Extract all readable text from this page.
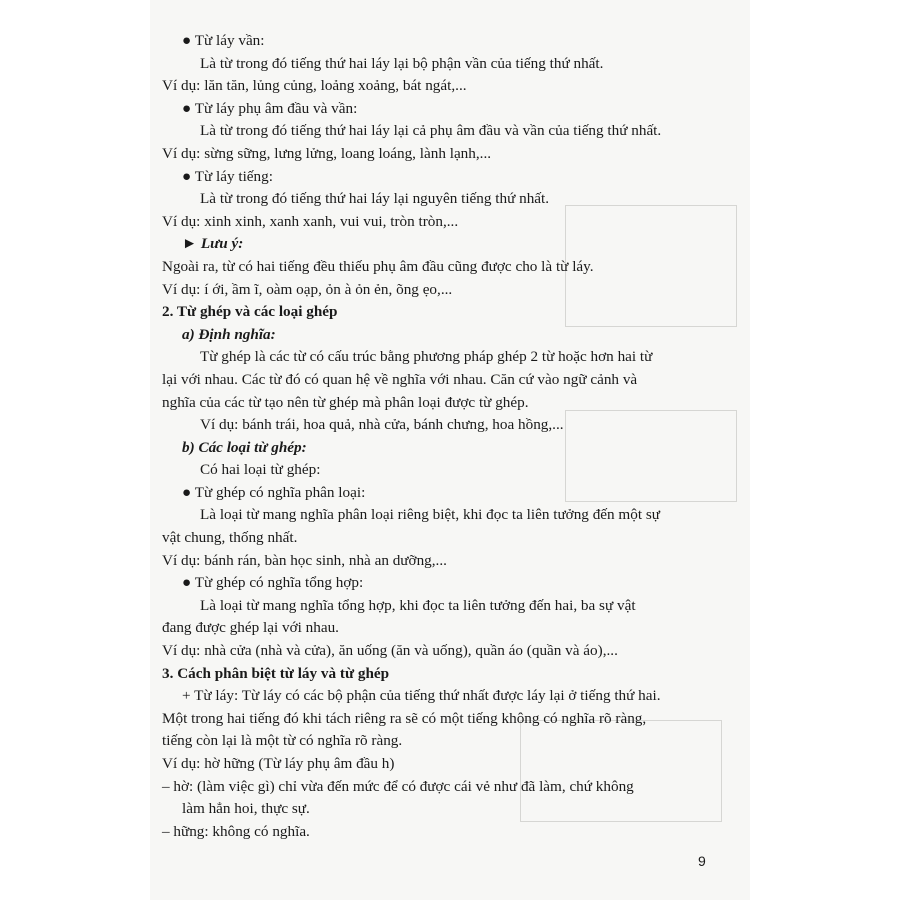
● Từ láy vần:
Là từ trong đó tiếng thứ hai láy lại bộ phận vần của tiếng thứ nhất.
Ví dụ: lăn tăn, lủng củng, loảng xoảng, bát ngát,...
● Từ láy phụ âm đầu và vần:
Là từ trong đó tiếng thứ hai láy lại cả phụ âm đầu và vần của tiếng thứ nhất.
Ví dụ: sừng sững, lưng lửng, loang loáng, lành lạnh,...
● Từ láy tiếng:
Là từ trong đó tiếng thứ hai láy lại nguyên tiếng thứ nhất.
Ví dụ: xinh xinh, xanh xanh, vui vui, tròn tròn,...
► Lưu ý:
Ngoài ra, từ có hai tiếng đều thiếu phụ âm đầu cũng được cho là từ láy.
Ví dụ: í ới, ầm ĩ, oàm oạp, ỏn à ỏn ẻn, õng ẹo,...
2. Từ ghép và các loại ghép
a) Định nghĩa:
Từ ghép là các từ có cấu trúc bằng phương pháp ghép 2 từ hoặc hơn hai từ
lại với nhau. Các từ đó có quan hệ về nghĩa với nhau. Căn cứ vào ngữ cảnh và
nghĩa của các từ tạo nên từ ghép mà phân loại được từ ghép.
Ví dụ: bánh trái, hoa quả, nhà cửa, bánh chưng, hoa hồng,...
b) Các loại từ ghép:
Có hai loại từ ghép:
● Từ ghép có nghĩa phân loại:
Là loại từ mang nghĩa phân loại riêng biệt, khi đọc ta liên tưởng đến một sự
vật chung, thống nhất.
Ví dụ: bánh rán, bàn học sinh, nhà an dưỡng,...
● Từ ghép có nghĩa tổng hợp:
Là loại từ mang nghĩa tổng hợp, khi đọc ta liên tưởng đến hai, ba sự vật
đang được ghép lại với nhau.
Ví dụ: nhà cửa (nhà và cửa), ăn uống (ăn và uống), quần áo (quần và áo),...
3. Cách phân biệt từ láy và từ ghép
+ Từ láy: Từ láy có các bộ phận của tiếng thứ nhất được láy lại ở tiếng thứ hai.
Một trong hai tiếng đó khi tách riêng ra sẽ có một tiếng không có nghĩa rõ ràng,
tiếng còn lại là một từ có nghĩa rõ ràng.
Ví dụ: hờ hững (Từ láy phụ âm đầu h)
– hờ: (làm việc gì) chỉ vừa đến mức để có được cái vẻ như đã làm, chứ không
làm hẳn hoi, thực sự.
– hững: không có nghĩa.
9
